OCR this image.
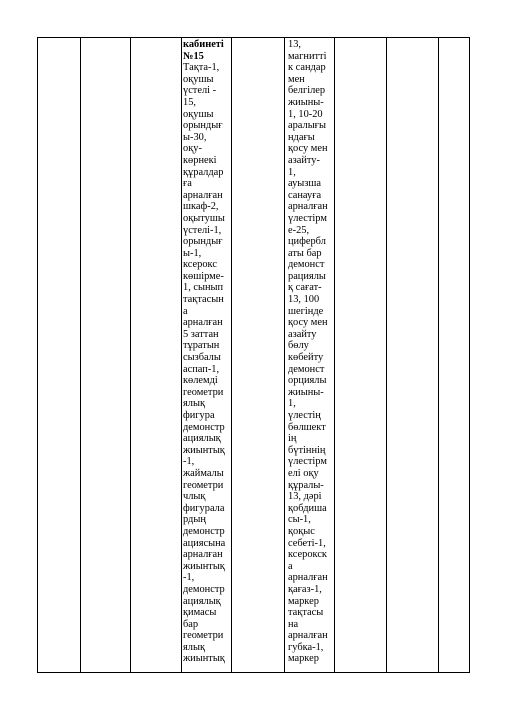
кабинеті
№15
Тақта-1,
оқушы
үстелі -
15,
оқушы
орындығ
ы-30,
оқу-
көрнекі
құралдар
ға
арналған
шкаф-2,
оқытушы
үстелі-1,
орындығ
ы-1,
ксерокс
көшірме-
1, сынып
тақтасын
а
арналған
5 заттан
тұратын
сызбалы
аспап-1,
көлемді
геометри
ялық
фигура
демонстр
ациялық
жиынтық
-1,
жаймалы
геометри
члық
фигурала
рдың
демонстр
ациясына
арналған
жиынтық
-1,
демонстр
ациялық
қимасы
бар
геометри
ялық
жиынтық
13,
магнитті
к сандар
мен
белгілер
жиыны-
1, 10-20
аралығы
ндағы
қосу мен
азайту-
1,
ауызша
санауға
арналған
үлестірм
е-25,
цифербл
аты бар
демонст
рациялы
қ сағат-
13, 100
шегінде
қосу мен
азайту
бөлу
көбейту
демонст
орциялы
жиыны-
1,
үлестің
бөлшект
ің
бүтіннің
үлестірм
елі оқу
құралы-
13, дәрі
қобдиша
сы-1,
қоқыс
себеті-1,
ксерокск
а
арналған
қағаз-1,
маркер
тақтасы
на
арналған
губка-1,
маркер
